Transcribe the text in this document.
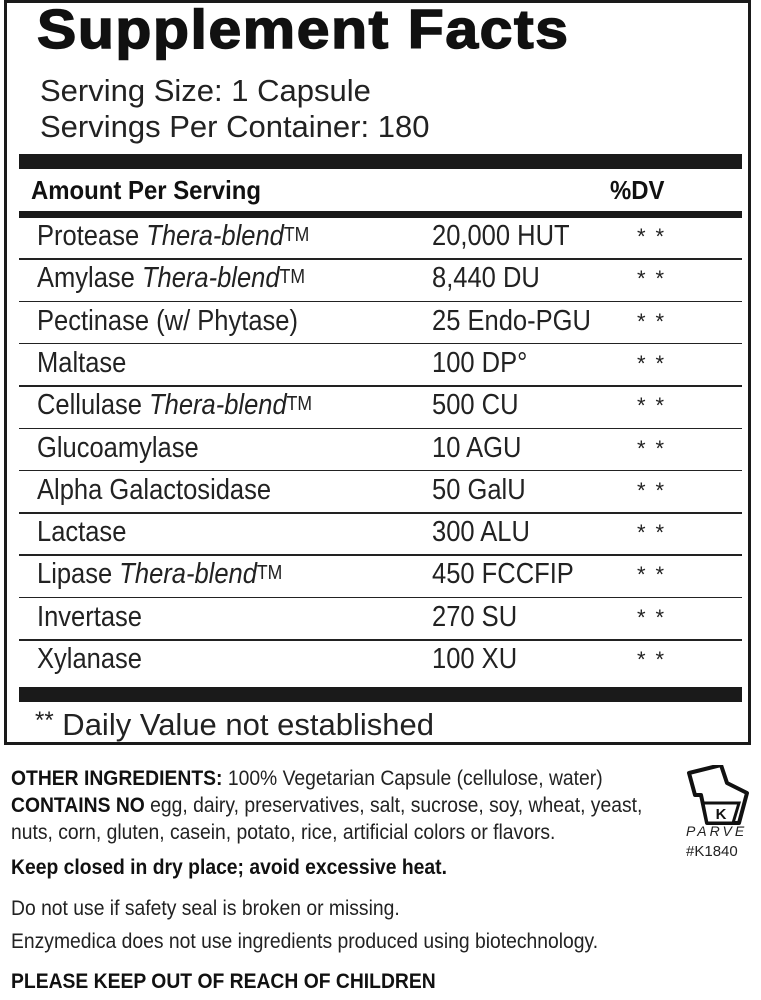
Supplement Facts
Serving Size: 1 Capsule
Servings Per Container: 180
Amount Per Serving	%DV
Protease Thera-blend™	20,000 HUT	**
Amylase Thera-blend™	8,440 DU	**
Pectinase (w/ Phytase)	25 Endo-PGU **
Maltase	100 DP°	**
Cellulase Thera-blend™	500 CU	**
Glucoamylase	10 AGU	**
Alpha Galactosidase	50 GalU	**
Lactase	300 ALU	**
Lipase Thera-blend™	450 FCCFIP	**
Invertase	270 SU	**
Xylanase	100 XU	**
** Daily Value not established
OTHER INGREDIENTS: 100% Vegetarian Capsule (cellulose, water)
CONTAINS NO egg, dairy, preservatives, salt, sucrose, soy, wheat, yeast,
nuts, corn, gluten, casein, potato, rice, artificial colors or flavors.
Keep closed in dry place; avoid excessive heat.
Do not use if safety seal is broken or missing.
Enzymedica does not use ingredients produced using biotechnology.
PLEASE KEEP OUT OF REACH OF CHILDREN
K
PARVE
#K1840
